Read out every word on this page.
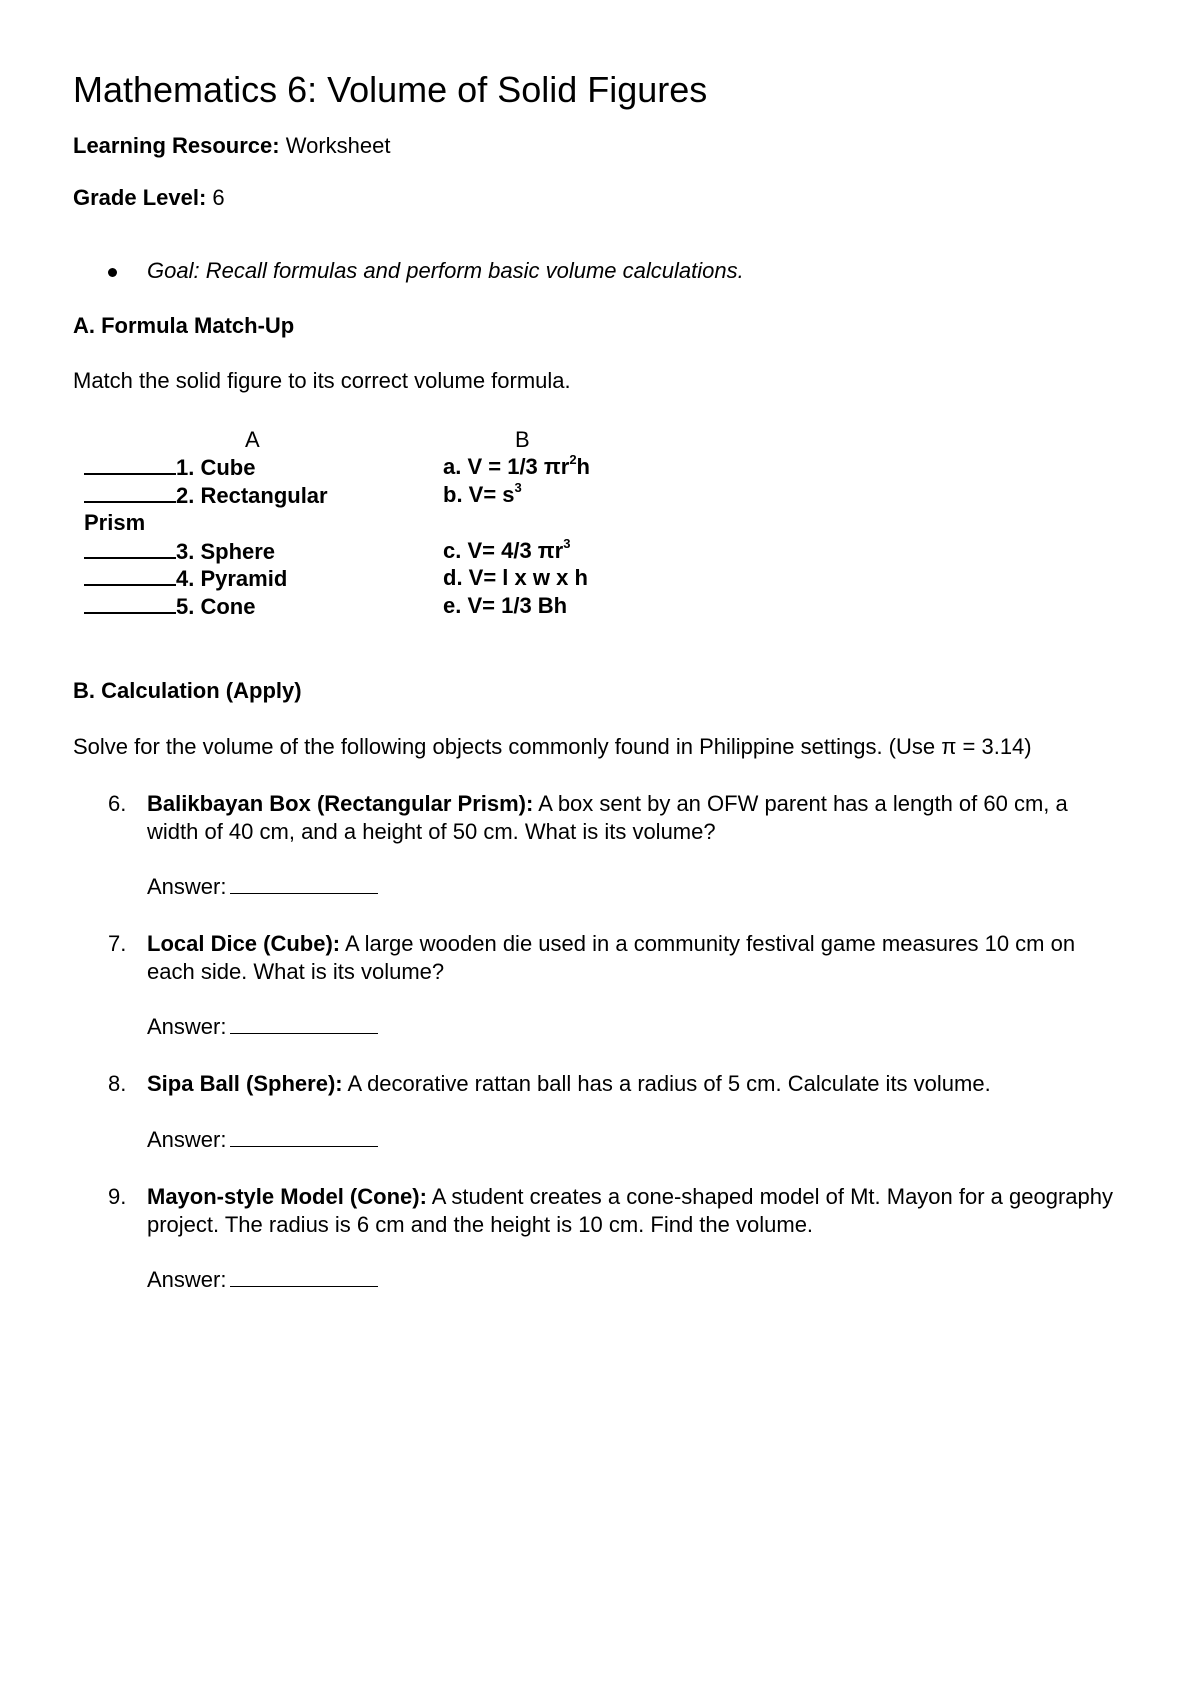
Mathematics 6: Volume of Solid Figures
Learning Resource: Worksheet
Grade Level: 6
Goal: Recall formulas and perform basic volume calculations.
A. Formula Match-Up
Match the solid figure to its correct volume formula.
A	B
1. Cube
2. Rectangular
Prism
3. Sphere
4. Pyramid
5. Cone
a. V = 1/3 $\pi r^2h$
b. $V= s^3$
c. V= 4/3 $\pi r^3$
d. V= l x w x h
e. V= 1/3 Bh
B. Calculation (Apply)
Solve for the volume of the following objects commonly found in Philippine settings. (Use π = 3.14)
6. Balikbayan Box (Rectangular Prism): A box sent by an OFW parent has a length of 60 cm, a width of 40 cm, and a height of 50 cm. What is its volume?
Answer:
7. Local Dice (Cube): A large wooden die used in a community festival game measures 10 cm on each side. What is its volume?
Answer:
8. Sipa Ball (Sphere): A decorative rattan ball has a radius of 5 cm. Calculate its volume.
Answer:
9. Mayon-style Model (Cone): A student creates a cone-shaped model of Mt. Mayon for a geography project. The radius is 6 cm and the height is 10 cm. Find the volume.
Answer:
